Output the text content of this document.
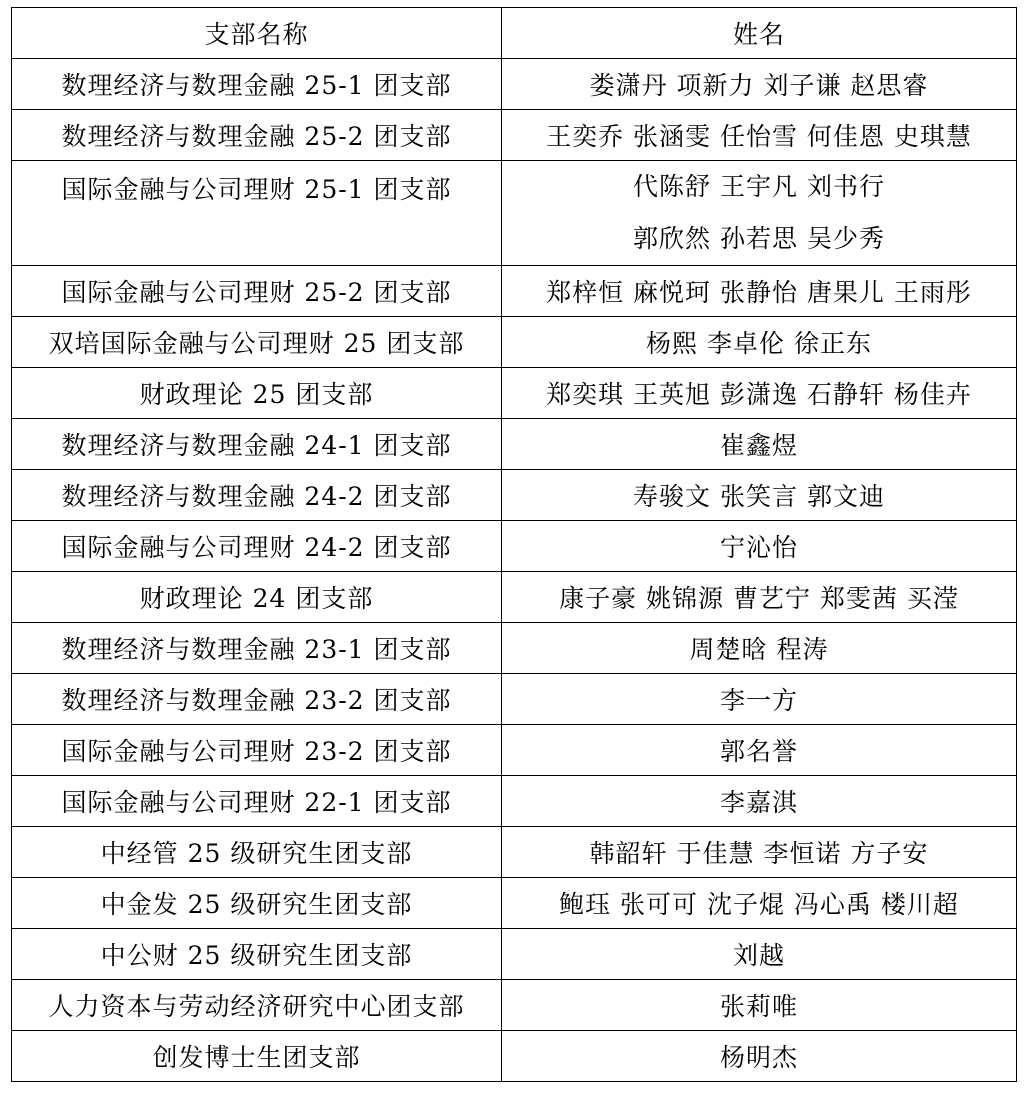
支部名称	姓名
数理经济与数理金融 25-1 团支部	娄潇丹 项新力 刘子谦 赵思睿
数理经济与数理金融 25-2 团支部	王奕乔 张涵雯 任怡雪 何佳恩 史琪慧
国际金融与公司理财 25-1 团支部	代陈舒 王宇凡 刘书行
郭欣然 孙若思 吴少秀

国际金融与公司理财 25-2 团支部	郑梓恒 麻悦珂 张静怡 唐果儿 王雨彤
双培国际金融与公司理财 25 团支部	杨熙 李卓伦 徐正东
财政理论 25 团支部	郑奕琪 王英旭 彭潇逸 石静轩 杨佳卉
数理经济与数理金融 24-1 团支部	崔鑫煜
数理经济与数理金融 24-2 团支部	寿骏文 张笑言 郭文迪
国际金融与公司理财 24-2 团支部	宁沁怡
财政理论 24 团支部	康子豪 姚锦源 曹艺宁 郑雯茜 买滢
数理经济与数理金融 23-1 团支部	周楚晗 程涛
数理经济与数理金融 23-2 团支部	李一方
国际金融与公司理财 23-2 团支部	郭名誉
国际金融与公司理财 22-1 团支部	李嘉淇
中经管 25 级研究生团支部	韩韶轩 于佳慧 李恒诺 方子安
中金发 25 级研究生团支部	鲍珏 张可可 沈子焜 冯心禹 楼川超
中公财 25 级研究生团支部	刘越
人力资本与劳动经济研究中心团支部	张莉唯
创发博士生团支部	杨明杰
